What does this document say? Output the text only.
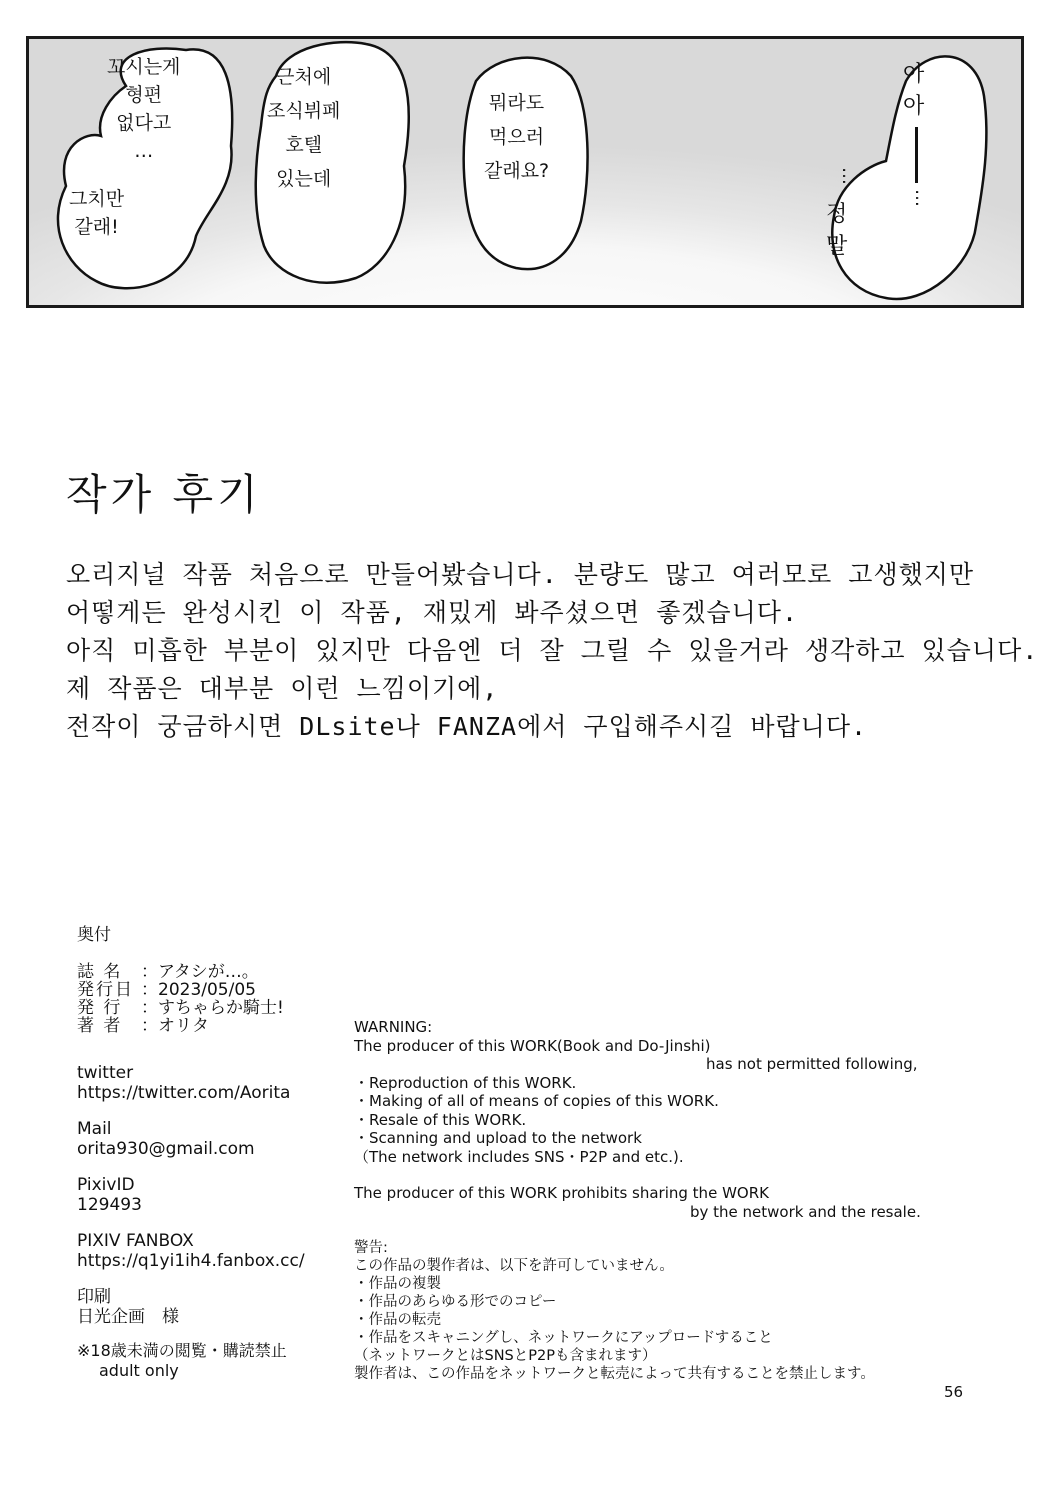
꼬시는게
형편
없다고
…
그치만
갈래!
근처에
조식뷔페
호텔
있는데
뭐라도
먹으러
갈래요?
아
아
…
…
정
말
작가 후기
오리지널 작품 처음으로 만들어봤습니다. 분량도 많고 여러모로 고생했지만
어떻게든 완성시킨 이 작품, 재밌게 봐주셨으면 좋겠습니다.
아직 미흡한 부분이 있지만 다음엔 더 잘 그릴 수 있을거라 생각하고 있습니다.
제 작품은 대부분 이런 느낌이기에,
전작이 궁금하시면 DLsite나 FANZA에서 구입해주시길 바랍니다.
奥付
誌 名 ：アタシが…。
発行日 ：2023/05/05
発 行 ：すちゃらか騎士!
著 者 ：オリタ
twitter
https://twitter.com/Aorita
Mail
orita930@gmail.com
PixivID
129493
PIXIV FANBOX
https://q1yi1ih4.fanbox.cc/
印刷
日光企画　様
※18歳未満の閲覧・購読禁止
adult only
WARNING:
The producer of this WORK(Book and Do-Jinshi)
has not permitted following,
・Reproduction of this WORK.
・Making of all of means of copies of this WORK.
・Resale of this WORK.
・Scanning and upload to the network
（The network includes SNS・P2P and etc.).
The producer of this WORK prohibits sharing the WORK
by the network and the resale.
警告:
この作品の製作者は、以下を許可していません。
・作品の複製
・作品のあらゆる形でのコピー
・作品の転売
・作品をスキャニングし、ネットワークにアップロードすること
（ネットワークとはSNSとP2Pも含まれます）
製作者は、この作品をネットワークと転売によって共有することを禁止します。
56
